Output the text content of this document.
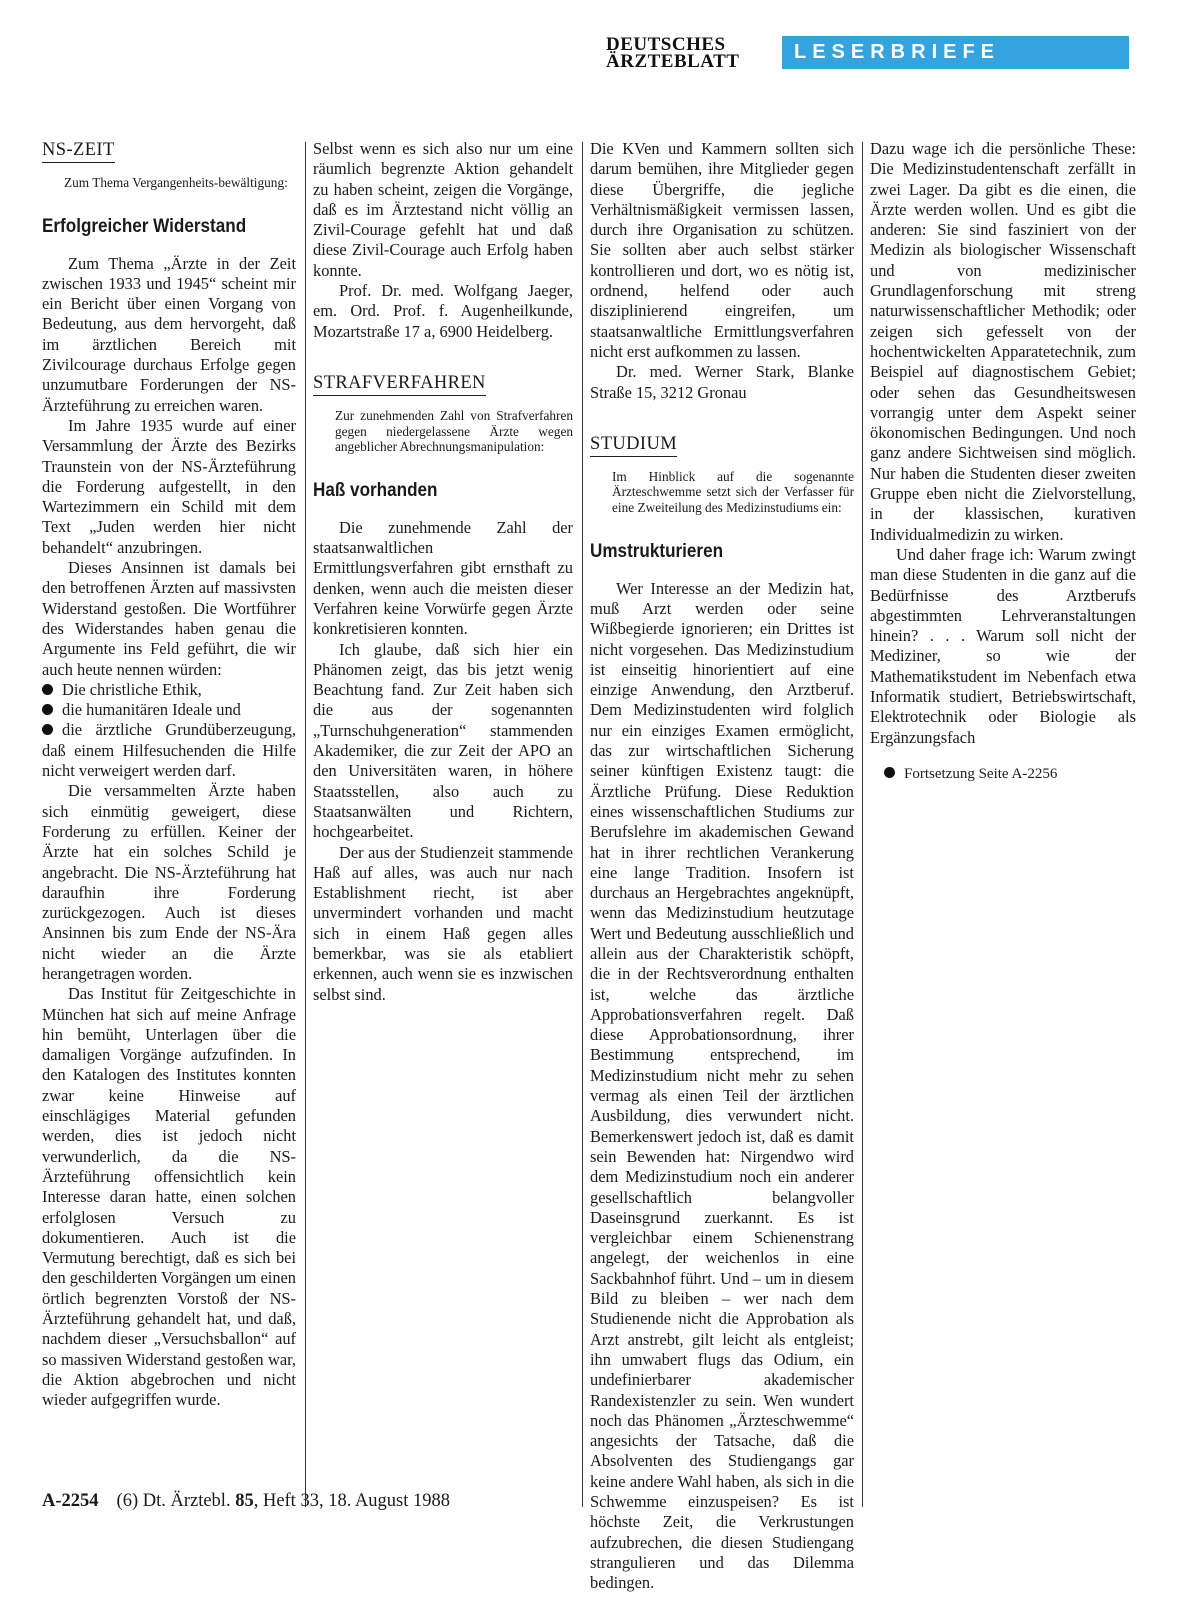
DEUTSCHES
ÄRZTEBLATT	LESERBRIEFE
NS-ZEIT

Zum Thema Vergangenheits-bewältigung:

Erfolgreicher Widerstand

Zum Thema „Ärzte in der Zeit zwischen 1933 und 1945“ scheint mir ein Bericht über einen Vorgang von Bedeutung, aus dem hervorgeht, daß im ärztlichen Bereich mit Zivilcourage durchaus Erfolge gegen unzumutbare Forderungen der NS-Ärzteführung zu erreichen waren.

Im Jahre 1935 wurde auf einer Versammlung der Ärzte des Bezirks Traunstein von der NS-Ärzteführung die Forderung aufgestellt, in den Wartezimmern ein Schild mit dem Text „Juden werden hier nicht behandelt“ anzubringen.

Dieses Ansinnen ist damals bei den betroffenen Ärzten auf massivsten Widerstand gestoßen. Die Wortführer des Widerstandes haben genau die Argumente ins Feld geführt, die wir auch heute nennen würden:

Die christliche Ethik,

die humanitären Ideale und

die ärztliche Grundüberzeugung, daß einem Hilfesuchenden die Hilfe nicht verweigert werden darf.

Die versammelten Ärzte haben sich einmütig geweigert, diese Forderung zu erfüllen. Keiner der Ärzte hat ein solches Schild je angebracht. Die NS-Ärzteführung hat daraufhin ihre Forderung zurückgezogen. Auch ist dieses Ansinnen bis zum Ende der NS-Ära nicht wieder an die Ärzte herangetragen worden.

Das Institut für Zeitgeschichte in München hat sich auf meine Anfrage hin bemüht, Unterlagen über die damaligen Vorgänge aufzufinden. In den Katalogen des Institutes konnten zwar keine Hinweise auf einschlägiges Material gefunden werden, dies ist jedoch nicht verwunderlich, da die NS-Ärzteführung offensichtlich kein Interesse daran hatte, einen solchen erfolglosen Versuch zu dokumentieren. Auch ist die Vermutung berechtigt, daß es sich bei den geschilderten Vorgängen um einen örtlich begrenzten Vorstoß der NS-Ärzteführung gehandelt hat, und daß, nachdem dieser „Versuchsballon“ auf so massiven Widerstand gestoßen war, die Aktion abgebrochen und nicht wieder aufgegriffen wurde.

Selbst wenn es sich also nur um eine räumlich begrenzte Aktion gehandelt zu haben scheint, zeigen die Vorgänge, daß es im Ärztestand nicht völlig an Zivil-Courage gefehlt hat und daß diese Zivil-Courage auch Erfolg haben konnte.

Prof. Dr. med. Wolfgang Jaeger, em. Ord. Prof. f. Augenheilkunde, Mozartstraße 17 a, 6900 Heidelberg.

STRAFVERFAHREN

Zur zunehmenden Zahl von Strafverfahren gegen niedergelassene Ärzte wegen angeblicher Abrechnungsmanipulation:

Haß vorhanden

Die zunehmende Zahl der staatsanwaltlichen Ermittlungsverfahren gibt ernsthaft zu denken, wenn auch die meisten dieser Verfahren keine Vorwürfe gegen Ärzte konkretisieren konnten.

Ich glaube, daß sich hier ein Phänomen zeigt, das bis jetzt wenig Beachtung fand. Zur Zeit haben sich die aus der sogenannten „Turnschuhgeneration“ stammenden Akademiker, die zur Zeit der APO an den Universitäten waren, in höhere Staatsstellen, also auch zu Staatsanwälten und Richtern, hochgearbeitet.

Der aus der Studienzeit stammende Haß auf alles, was auch nur nach Establishment riecht, ist aber unvermindert vorhanden und macht sich in einem Haß gegen alles bemerkbar, was sie als etabliert erkennen, auch wenn sie es inzwischen selbst sind.

Die KVen und Kammern sollten sich darum bemühen, ihre Mitglieder gegen diese Übergriffe, die jegliche Verhältnismäßigkeit vermissen lassen, durch ihre Organisation zu schützen. Sie sollten aber auch selbst stärker kontrollieren und dort, wo es nötig ist, ordnend, helfend oder auch disziplinierend eingreifen, um staatsanwaltliche Ermittlungsverfahren nicht erst aufkommen zu lassen.

Dr. med. Werner Stark, Blanke Straße 15, 3212 Gronau

STUDIUM

Im Hinblick auf die sogenannte Ärzteschwemme setzt sich der Verfasser für eine Zweiteilung des Medizinstudiums ein:

Umstrukturieren

Wer Interesse an der Medizin hat, muß Arzt werden oder seine Wißbegierde ignorieren; ein Drittes ist nicht vorgesehen. Das Medizinstudium ist einseitig hinorientiert auf eine einzige Anwendung, den Arztberuf. Dem Medizinstudenten wird folglich nur ein einziges Examen ermöglicht, das zur wirtschaftlichen Sicherung seiner künftigen Existenz taugt: die Ärztliche Prüfung. Diese Reduktion eines wissenschaftlichen Studiums zur Berufslehre im akademischen Gewand hat in ihrer rechtlichen Verankerung eine lange Tradition. Insofern ist durchaus an Hergebrachtes angeknüpft, wenn das Medizinstudium heutzutage Wert und Bedeutung ausschließlich und allein aus der Charakteristik schöpft, die in der Rechtsverordnung enthalten ist, welche das ärztliche Approbationsverfahren regelt. Daß diese Approbationsordnung, ihrer Bestimmung entsprechend, im Medizinstudium nicht mehr zu sehen vermag als einen Teil der ärztlichen Ausbildung, dies verwundert nicht. Bemerkenswert jedoch ist, daß es damit sein Bewenden hat: Nirgendwo wird dem Medizinstudium noch ein anderer gesellschaftlich belangvoller Daseinsgrund zuerkannt. Es ist vergleichbar einem Schienenstrang angelegt, der weichenlos in eine Sackbahnhof führt. Und – um in diesem Bild zu bleiben – wer nach dem Studienende nicht die Approbation als Arzt anstrebt, gilt leicht als entgleist; ihn umwabert flugs das Odium, ein undefinierbarer akademischer Randexistenzler zu sein. Wen wundert noch das Phänomen „Ärzteschwemme“ angesichts der Tatsache, daß die Absolventen des Studiengangs gar keine andere Wahl haben, als sich in die Schwemme einzuspeisen? Es ist höchste Zeit, die Verkrustungen aufzubrechen, die diesen Studiengang strangulieren und das Dilemma bedingen.

Dazu wage ich die persönliche These: Die Medizinstudentenschaft zerfällt in zwei Lager. Da gibt es die einen, die Ärzte werden wollen. Und es gibt die anderen: Sie sind fasziniert von der Medizin als biologischer Wissenschaft und von medizinischer Grundlagenforschung mit streng naturwissenschaftlicher Methodik; oder zeigen sich gefesselt von der hochentwickelten Apparatetechnik, zum Beispiel auf diagnostischem Gebiet; oder sehen das Gesundheitswesen vorrangig unter dem Aspekt seiner ökonomischen Bedingungen. Und noch ganz andere Sichtweisen sind möglich. Nur haben die Studenten dieser zweiten Gruppe eben nicht die Zielvorstellung, in der klassischen, kurativen Individualmedizin zu wirken.

Und daher frage ich: Warum zwingt man diese Studenten in die ganz auf die Bedürfnisse des Arztberufs abgestimmten Lehrveranstaltungen hinein? . . . Warum soll nicht der Mediziner, so wie der Mathematikstudent im Nebenfach etwa Informatik studiert, Betriebswirtschaft, Elektrotechnik oder Biologie als Ergänzungsfach

Fortsetzung Seite A-2256

A-2254 (6) Dt. Ärztebl. 85, Heft 33, 18. August 1988
